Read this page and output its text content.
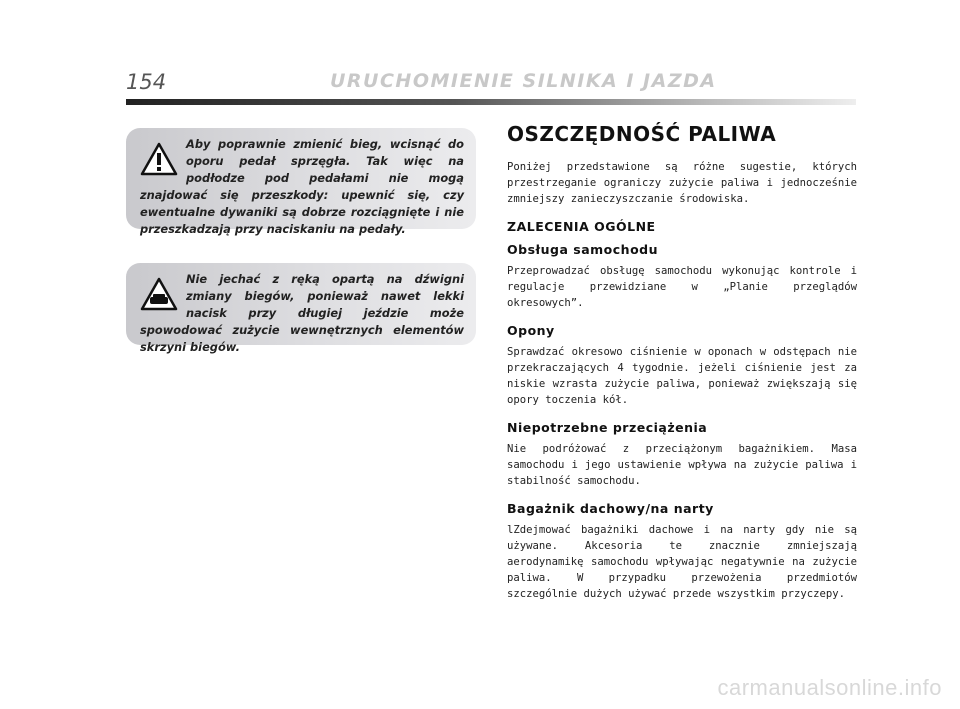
154	URUCHOMIENIE SILNIKA I JAZDA
Aby poprawnie zmienić bieg, wcisnąć do oporu pedał sprzęgła. Tak więc na podłodze pod pedałami nie mogą znajdować się przeszkody: upewnić się, czy ewentualne dywaniki są dobrze rozciągnięte i nie przeszkadzają przy naciskaniu na pedały.
Nie jechać z ręką opartą na dźwigni zmiany biegów, ponieważ nawet lekki nacisk przy długiej jeździe może spowodować zużycie wewnętrznych elementów skrzyni biegów.
OSZCZĘDNOŚĆ PALIWA

Poniżej przedstawione są różne sugestie, których przestrzeganie ograniczy zużycie paliwa i jednocześnie zmniejszy zanieczyszczanie środowiska.

ZALECENIA OGÓLNE
Obsługa samochodu

Przeprowadzać obsługę samochodu wykonując kontrole i regulacje przewidziane w „Planie przeglądów okresowych”.

Opony

Sprawdzać okresowo ciśnienie w oponach w odstępach nie przekraczających 4 tygodnie. jeżeli ciśnienie jest za niskie wzrasta zużycie paliwa, ponieważ zwiększają się opory toczenia kół.

Niepotrzebne przeciążenia

Nie podróżować z przeciążonym bagażnikiem. Masa samochodu i jego ustawienie wpływa na zużycie paliwa i stabilność samochodu.

Bagażnik dachowy/na narty

lZdejmować bagażniki dachowe i na narty gdy nie są używane. Akcesoria te znacznie zmniejszają aerodynamikę samochodu wpływając negatywnie na zużycie paliwa. W przypadku przewożenia przedmiotów szczególnie dużych używać przede wszystkim przyczepy.

carmanualsonline.info
